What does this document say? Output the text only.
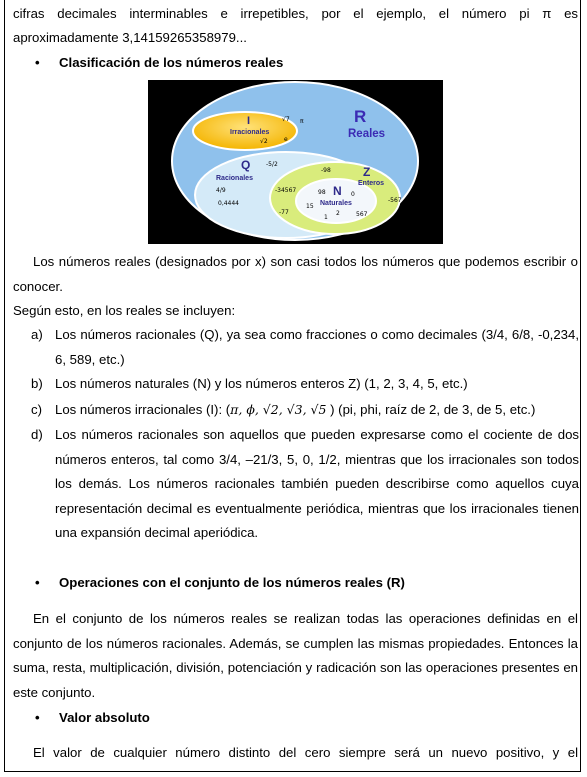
cifras decimales interminables e irrepetibles, por el ejemplo, el número pi π es
aproximadamente 3,14159265358979...
• Clasificación de los números reales
R
Reales
I
Irracionales
√7 π
√2	e
Q
Racionales
-5/2
4/9
0,4444
Z
Enteros
-98
-34567
-567
-77
15
N
Naturales
98	0
1
2	567
Los números reales (designados por x) son casi todos los números que podemos escribir o conocer.
Según esto, en los reales se incluyen:
a) Los números racionales (Q), ya sea como fracciones o como decimales (3/4, 6/8, -0,234, 6, 589, etc.)
b) Los números naturales (N) y los números enteros Z) (1, 2, 3, 4, 5, etc.)
c) Los números irracionales (I): (π, ϕ, √2, √3, √5 ) (pi, phi, raíz de 2, de 3, de 5, etc.)
d) Los números racionales son aquellos que pueden expresarse como el cociente de dos números enteros, tal como 3/4, –21/3, 5, 0, 1/2, mientras que los irracionales son todos los demás. Los números racionales también pueden describirse como aquellos cuya representación decimal es eventualmente periódica, mientras que los irracionales tienen una expansión decimal aperiódica.
• Operaciones con el conjunto de los números reales (R)
En el conjunto de los números reales se realizan todas las operaciones definidas en el conjunto de los números racionales. Además, se cumplen las mismas propiedades. Entonces la suma, resta, multiplicación, división, potenciación y radicación son las operaciones presentes en este conjunto.
• Valor absoluto
El valor de cualquier número distinto del cero siempre será un nuevo positivo, y el
